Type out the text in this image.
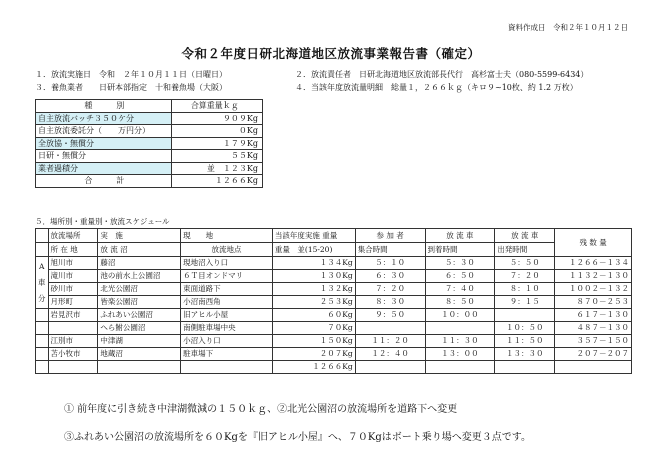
資料作成日　令和２年１０月１２日
令和２年度日研北海道地区放流事業報告書（確定）
１．放流実施日　令和　２年１０月１１日（日曜日）	２．放流責任者　日研北海道地区放流部長代行　高杉富士夫（080-5599-6434）
３．養魚業者　　日研本部指定　十和養魚場（大阪）	４．当該年度放流量明細　総量１，２６６ｋｇ（キロ９~10枚、約 1.2 万枚）
種　　　別	合算重量ｋｇ
自主放流バッチ３５０ケ分	９０９Kg
自主放流委託分（　　万円分）	０Kg
全放協・無償分	１７９Kg
日研・無償分	５５Kg
業者過積分	並　１２３Kg
合　　　計	１２６６Kg
５．場所別・重量別・放流スケジュール
	放流場所	実　施	現　　地	当該年度実施 重量	参 加 者	放 流 車	放 流 車	残 数 量
	所 在 地	放 流 沼	放流地点	重量　並(15-20)	集合時間	到着時間	出発時間	

A
車
分	旭川市	藤沼	現地沼入り口	１３４Kg	５：１０	５：３０	５：５０	１２６６－１３４
	滝川市	池の前水上公園沼	６Ｔ目オンドマリ	１３０Kg	６：３０	６：５０	７：２０	１１３２－１３０
	砂川市	北光公園沼	東面道路下	１３２Kg	７：２０	７：４０	８：１０	１００２－１３２
	月形町	皆楽公園沼	小沼南西角	２５３Kg	８：３０	８：５０	９：１５	８７０－２５３
	岩見沢市	ふれあい公園沼	旧アヒル小屋	６０Kg	９：５０	１０：００		６１７－１３０
		へら鮒公園沼	南側駐車場中央	７０Kg			１０：５０	４８７－１３０
	江別市	中津湖	小沼入り口	１５０Kg	１１：２０	１１：３０	１１：５０	３５７－１５０
	苫小牧市	地蔵沼	駐車場下	２０７Kg	１２：４０	１３：００	１３：３０	２０７－２０７
				１２６６Kg				
① 前年度に引き続き中津湖微減の１５０ｋｇ、②北光公園沼の放流場所を道路下へ変更
③ふれあい公園沼の放流場所を６０Kgを『旧アヒル小屋』へ、７０Kgはボート乗り場へ変更３点です。
